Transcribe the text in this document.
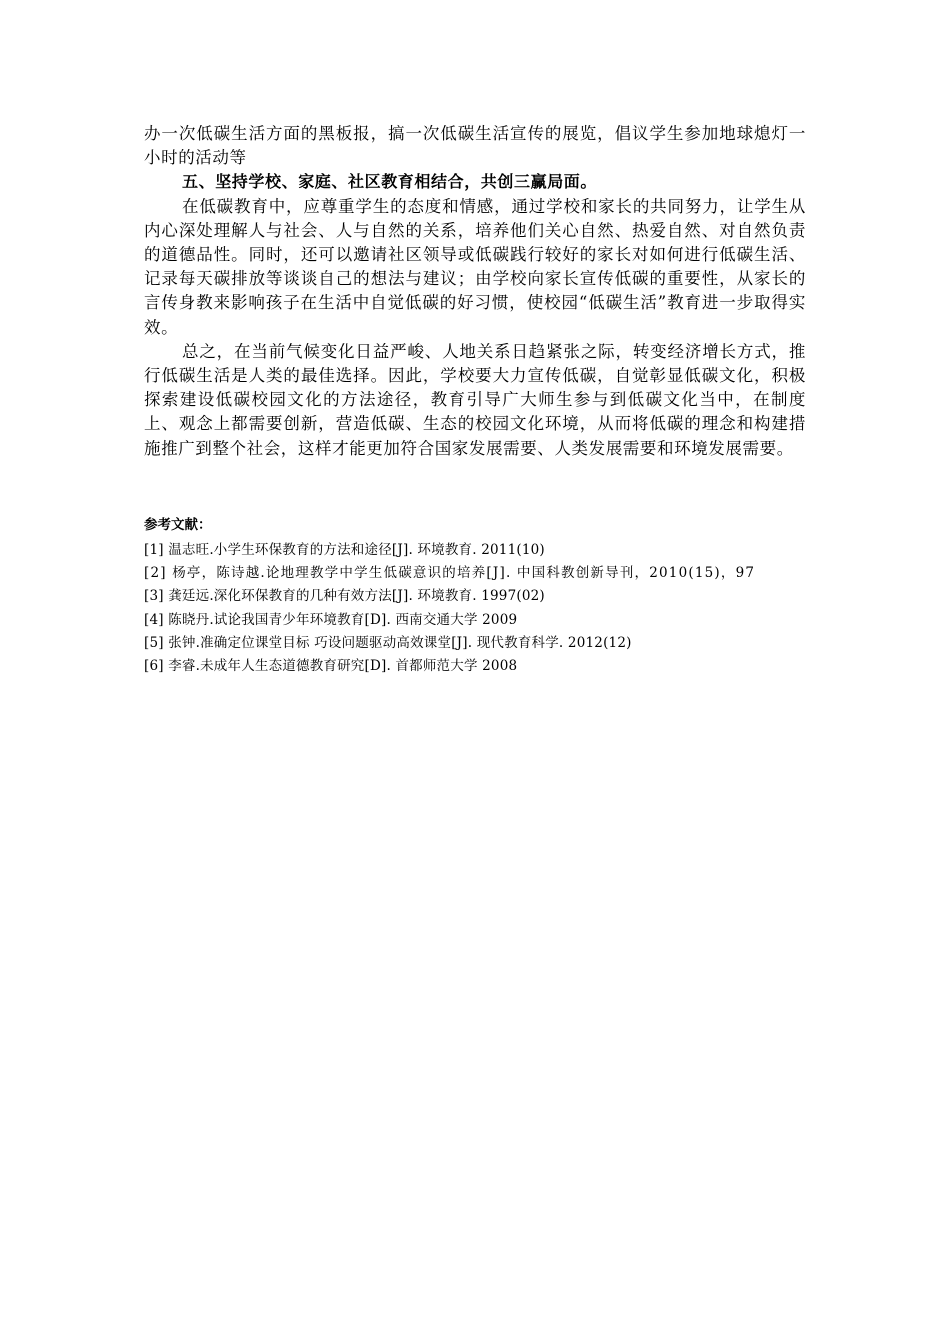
办一次低碳生活方面的黑板报，搞一次低碳生活宣传的展览，倡议学生参加地球熄灯一小时的活动等

五、坚持学校、家庭、社区教育相结合，共创三赢局面。

在低碳教育中，应尊重学生的态度和情感，通过学校和家长的共同努力，让学生从内心深处理解人与社会、人与自然的关系，培养他们关心自然、热爱自然、对自然负责的道德品性。同时，还可以邀请社区领导或低碳践行较好的家长对如何进行低碳生活、记录每天碳排放等谈谈自己的想法与建议；由学校向家长宣传低碳的重要性，从家长的言传身教来影响孩子在生活中自觉低碳的好习惯，使校园“低碳生活”教育进一步取得实效。

总之，在当前气候变化日益严峻、人地关系日趋紧张之际，转变经济增长方式，推行低碳生活是人类的最佳选择。因此，学校要大力宣传低碳，自觉彰显低碳文化，积极探索建设低碳校园文化的方法途径，教育引导广大师生参与到低碳文化当中，在制度上、观念上都需要创新，营造低碳、生态的校园文化环境，从而将低碳的理念和构建措施推广到整个社会，这样才能更加符合国家发展需要、人类发展需要和环境发展需要。

参考文献：

[1] 温志旺.小学生环保教育的方法和途径[J]. 环境教育. 2011(10)

[2] 杨亭，陈诗越.论地理教学中学生低碳意识的培养[J]. 中国科教创新导刊，2010(15)，97

[3] 龚廷远.深化环保教育的几种有效方法[J]. 环境教育. 1997(02)

[4] 陈晓丹.试论我国青少年环境教育[D]. 西南交通大学 2009

[5] 张钟.准确定位课堂目标 巧设问题驱动高效课堂[J]. 现代教育科学. 2012(12)

[6] 李睿.未成年人生态道德教育研究[D]. 首都师范大学 2008
